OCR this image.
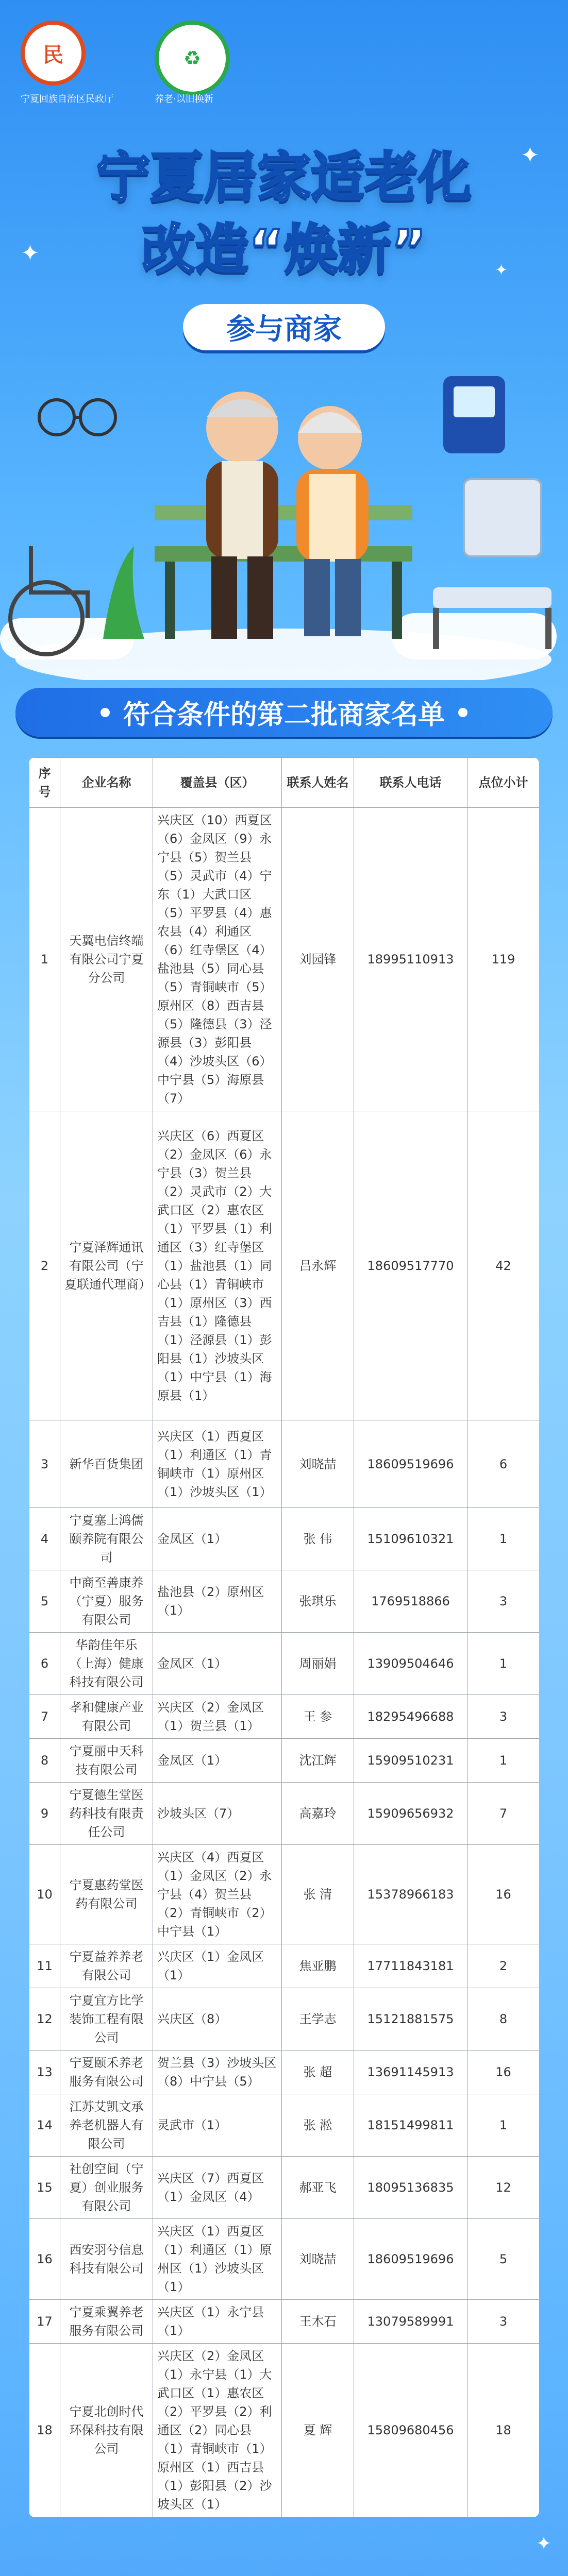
✦
✦
✦
✦
民	♻
宁夏回族自治区民政厅	养老·以旧换新
宁夏居家适老化
改造“焕新”
参与商家
符合条件的第二批商家名单
序号	企业名称	覆盖县（区）	联系人姓名	联系人电话	点位小计
1	天翼电信终端有限公司宁夏分公司	兴庆区（10）西夏区（6）金凤区（9）永宁县（5）贺兰县（5）灵武市（4）宁东（1）大武口区（5）平罗县（4）惠农县（4）利通区（6）红寺堡区（4）盐池县（5）同心县（5）青铜峡市（5）原州区（8）西吉县（5）隆德县（3）泾源县（3）彭阳县（4）沙坡头区（6）中宁县（5）海原县（7）	刘园锋	18995110913	119
2	宁夏泽辉通讯有限公司（宁夏联通代理商）	兴庆区（6）西夏区（2）金凤区（6）永宁县（3）贺兰县（2）灵武市（2）大武口区（2）惠农区（1）平罗县（1）利通区（3）红寺堡区（1）盐池县（1）同心县（1）青铜峡市（1）原州区（3）西吉县（1）隆德县（1）泾源县（1）彭阳县（1）沙坡头区（1）中宁县（1）海原县（1）	吕永辉	18609517770	42
3	新华百货集团	兴庆区（1）西夏区（1）利通区（1）青铜峡市（1）原州区（1）沙坡头区（1）	刘晓喆	18609519696	6
4	宁夏塞上鸿儒颐养院有限公司	金凤区（1）	张 伟	15109610321	1
5	中商至善康养（宁夏）服务有限公司	盐池县（2）原州区（1）	张琪乐	1769518866	3
6	华韵佳年乐（上海）健康科技有限公司	金凤区（1）	周丽娟	13909504646	1
7	孝和健康产业有限公司	兴庆区（2）金凤区（1）贺兰县（1）	王 参	18295496688	3
8	宁夏丽中天科技有限公司	金凤区（1）	沈江辉	15909510231	1
9	宁夏德生堂医药科技有限责任公司	沙坡头区（7）	高嘉玲	15909656932	7
10	宁夏惠药堂医药有限公司	兴庆区（4）西夏区（1）金凤区（2）永宁县（4）贺兰县（2）青铜峡市（2）中宁县（1）	张 清	15378966183	16
11	宁夏益养养老有限公司	兴庆区（1）金凤区（1）	焦亚鹏	17711843181	2
12	宁夏宜方比学装饰工程有限公司	兴庆区（8）	王学志	15121881575	8
13	宁夏颐禾养老服务有限公司	贺兰县（3）沙坡头区（8）中宁县（5）	张 超	13691145913	16
14	江苏艾凯文承养老机器人有限公司	灵武市（1）	张 淞	18151499811	1
15	社创空间（宁夏）创业服务有限公司	兴庆区（7）西夏区（1）金凤区（4）	郝亚飞	18095136835	12
16	西安羽兮信息科技有限公司	兴庆区（1）西夏区（1）利通区（1）原州区（1）沙坡头区（1）	刘晓喆	18609519696	5
17	宁夏乘翼养老服务有限公司	兴庆区（1）永宁县（1）	王木石	13079589991	3
18	宁夏北创时代环保科技有限公司	兴庆区（2）金凤区（1）永宁县（1）大武口区（1）惠农区（2）平罗县（2）利通区（2）同心县（1）青铜峡市（1）原州区（1）西吉县（1）彭阳县（2）沙坡头区（1）	夏 辉	15809680456	18
